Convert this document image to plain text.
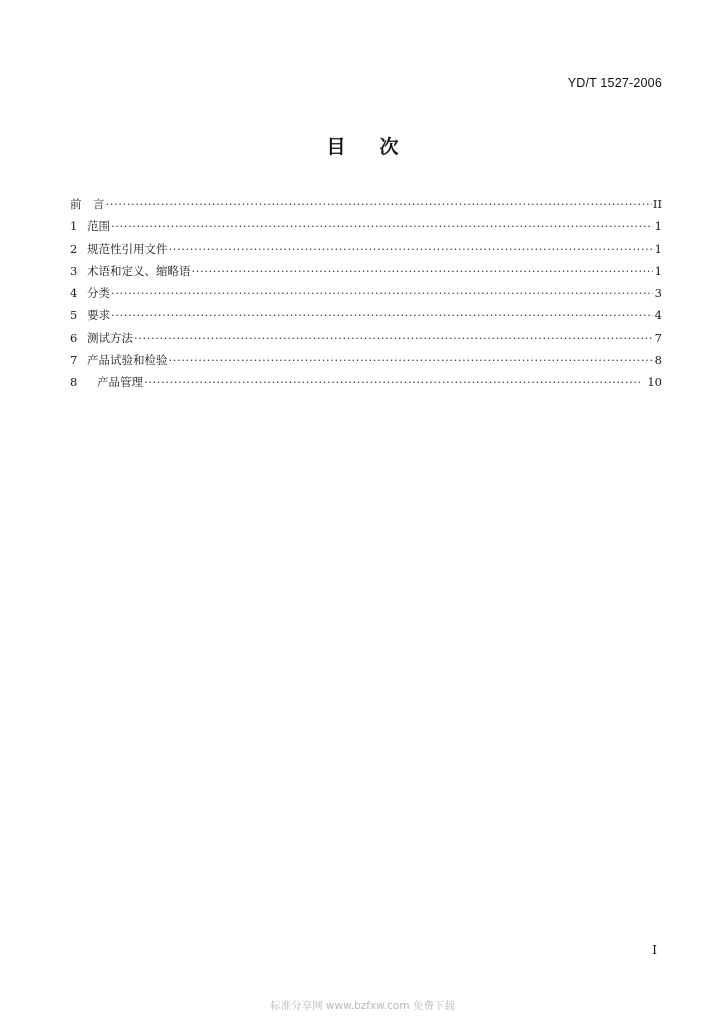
YD/T 1527-2006
目次
前　言 ·····	II
1 范围 ·····	1
2 规范性引用文件 ·····	1
3 术语和定义、缩略语 ·····	1
4 分类 ·····	3
5 要求 ·····	4
6 测试方法 ·····	7
7 产品试验和检验 ·····	8
8	产品管理 ·····	10
I
标准分享网 www.bzfxw.com 免费下载
